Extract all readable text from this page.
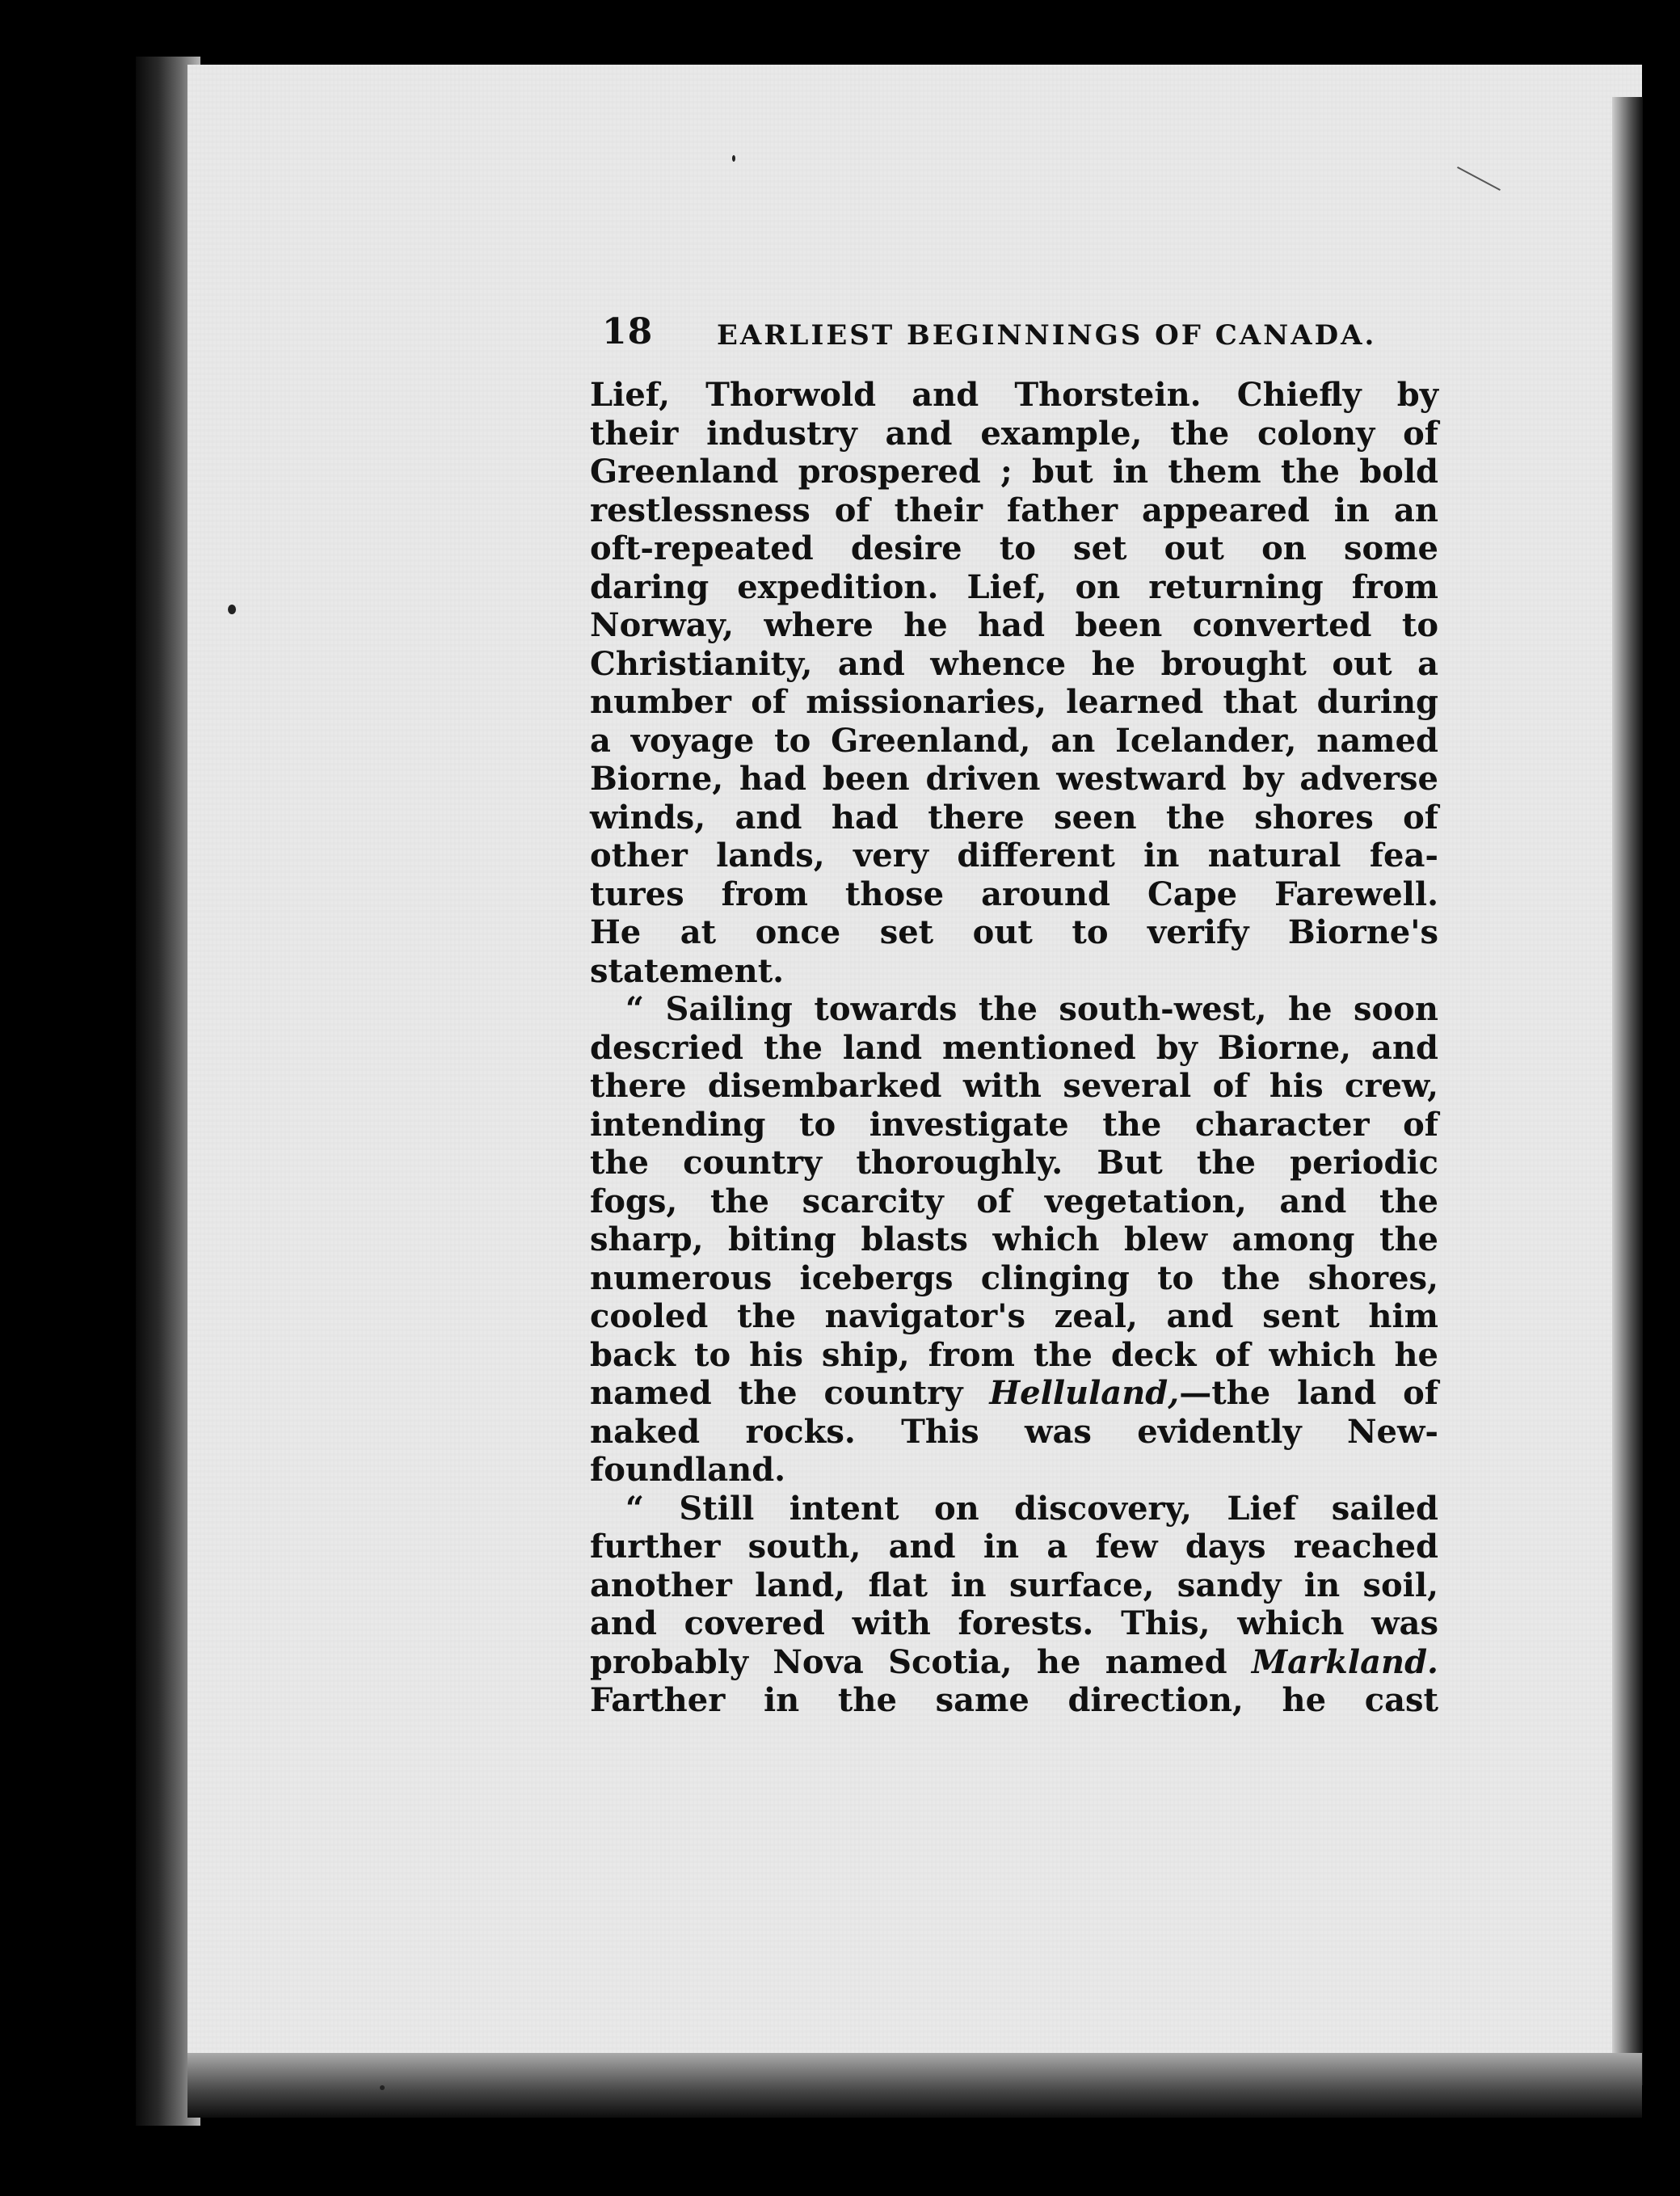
18 EARLIEST BEGINNINGS OF CANADA.
Lief, Thorwold and Thorstein. Chiefly by
their industry and example, the colony of
Greenland prospered ; but in them the bold
restlessness of their father appeared in an
oft-repeated desire to set out on some
daring expedition. Lief, on returning from
Norway, where he had been converted to
Christianity, and whence he brought out a
number of missionaries, learned that during
a voyage to Greenland, an Icelander, named
Biorne, had been driven westward by adverse
winds, and had there seen the shores of
other lands, very different in natural fea-
tures from those around Cape Farewell.
He at once set out to verify Biorne's
statement.
“ Sailing towards the south-west, he soon
descried the land mentioned by Biorne, and
there disembarked with several of his crew,
intending to investigate the character of
the country thoroughly. But the periodic
fogs, the scarcity of vegetation, and the
sharp, biting blasts which blew among the
numerous icebergs clinging to the shores,
cooled the navigator's zeal, and sent him
back to his ship, from the deck of which he
named the country Helluland,—the land of
naked rocks. This was evidently New-
foundland.
“ Still intent on discovery, Lief sailed
further south, and in a few days reached
another land, flat in surface, sandy in soil,
and covered with forests. This, which was
probably Nova Scotia, he named Markland.
Farther in the same direction, he cast
